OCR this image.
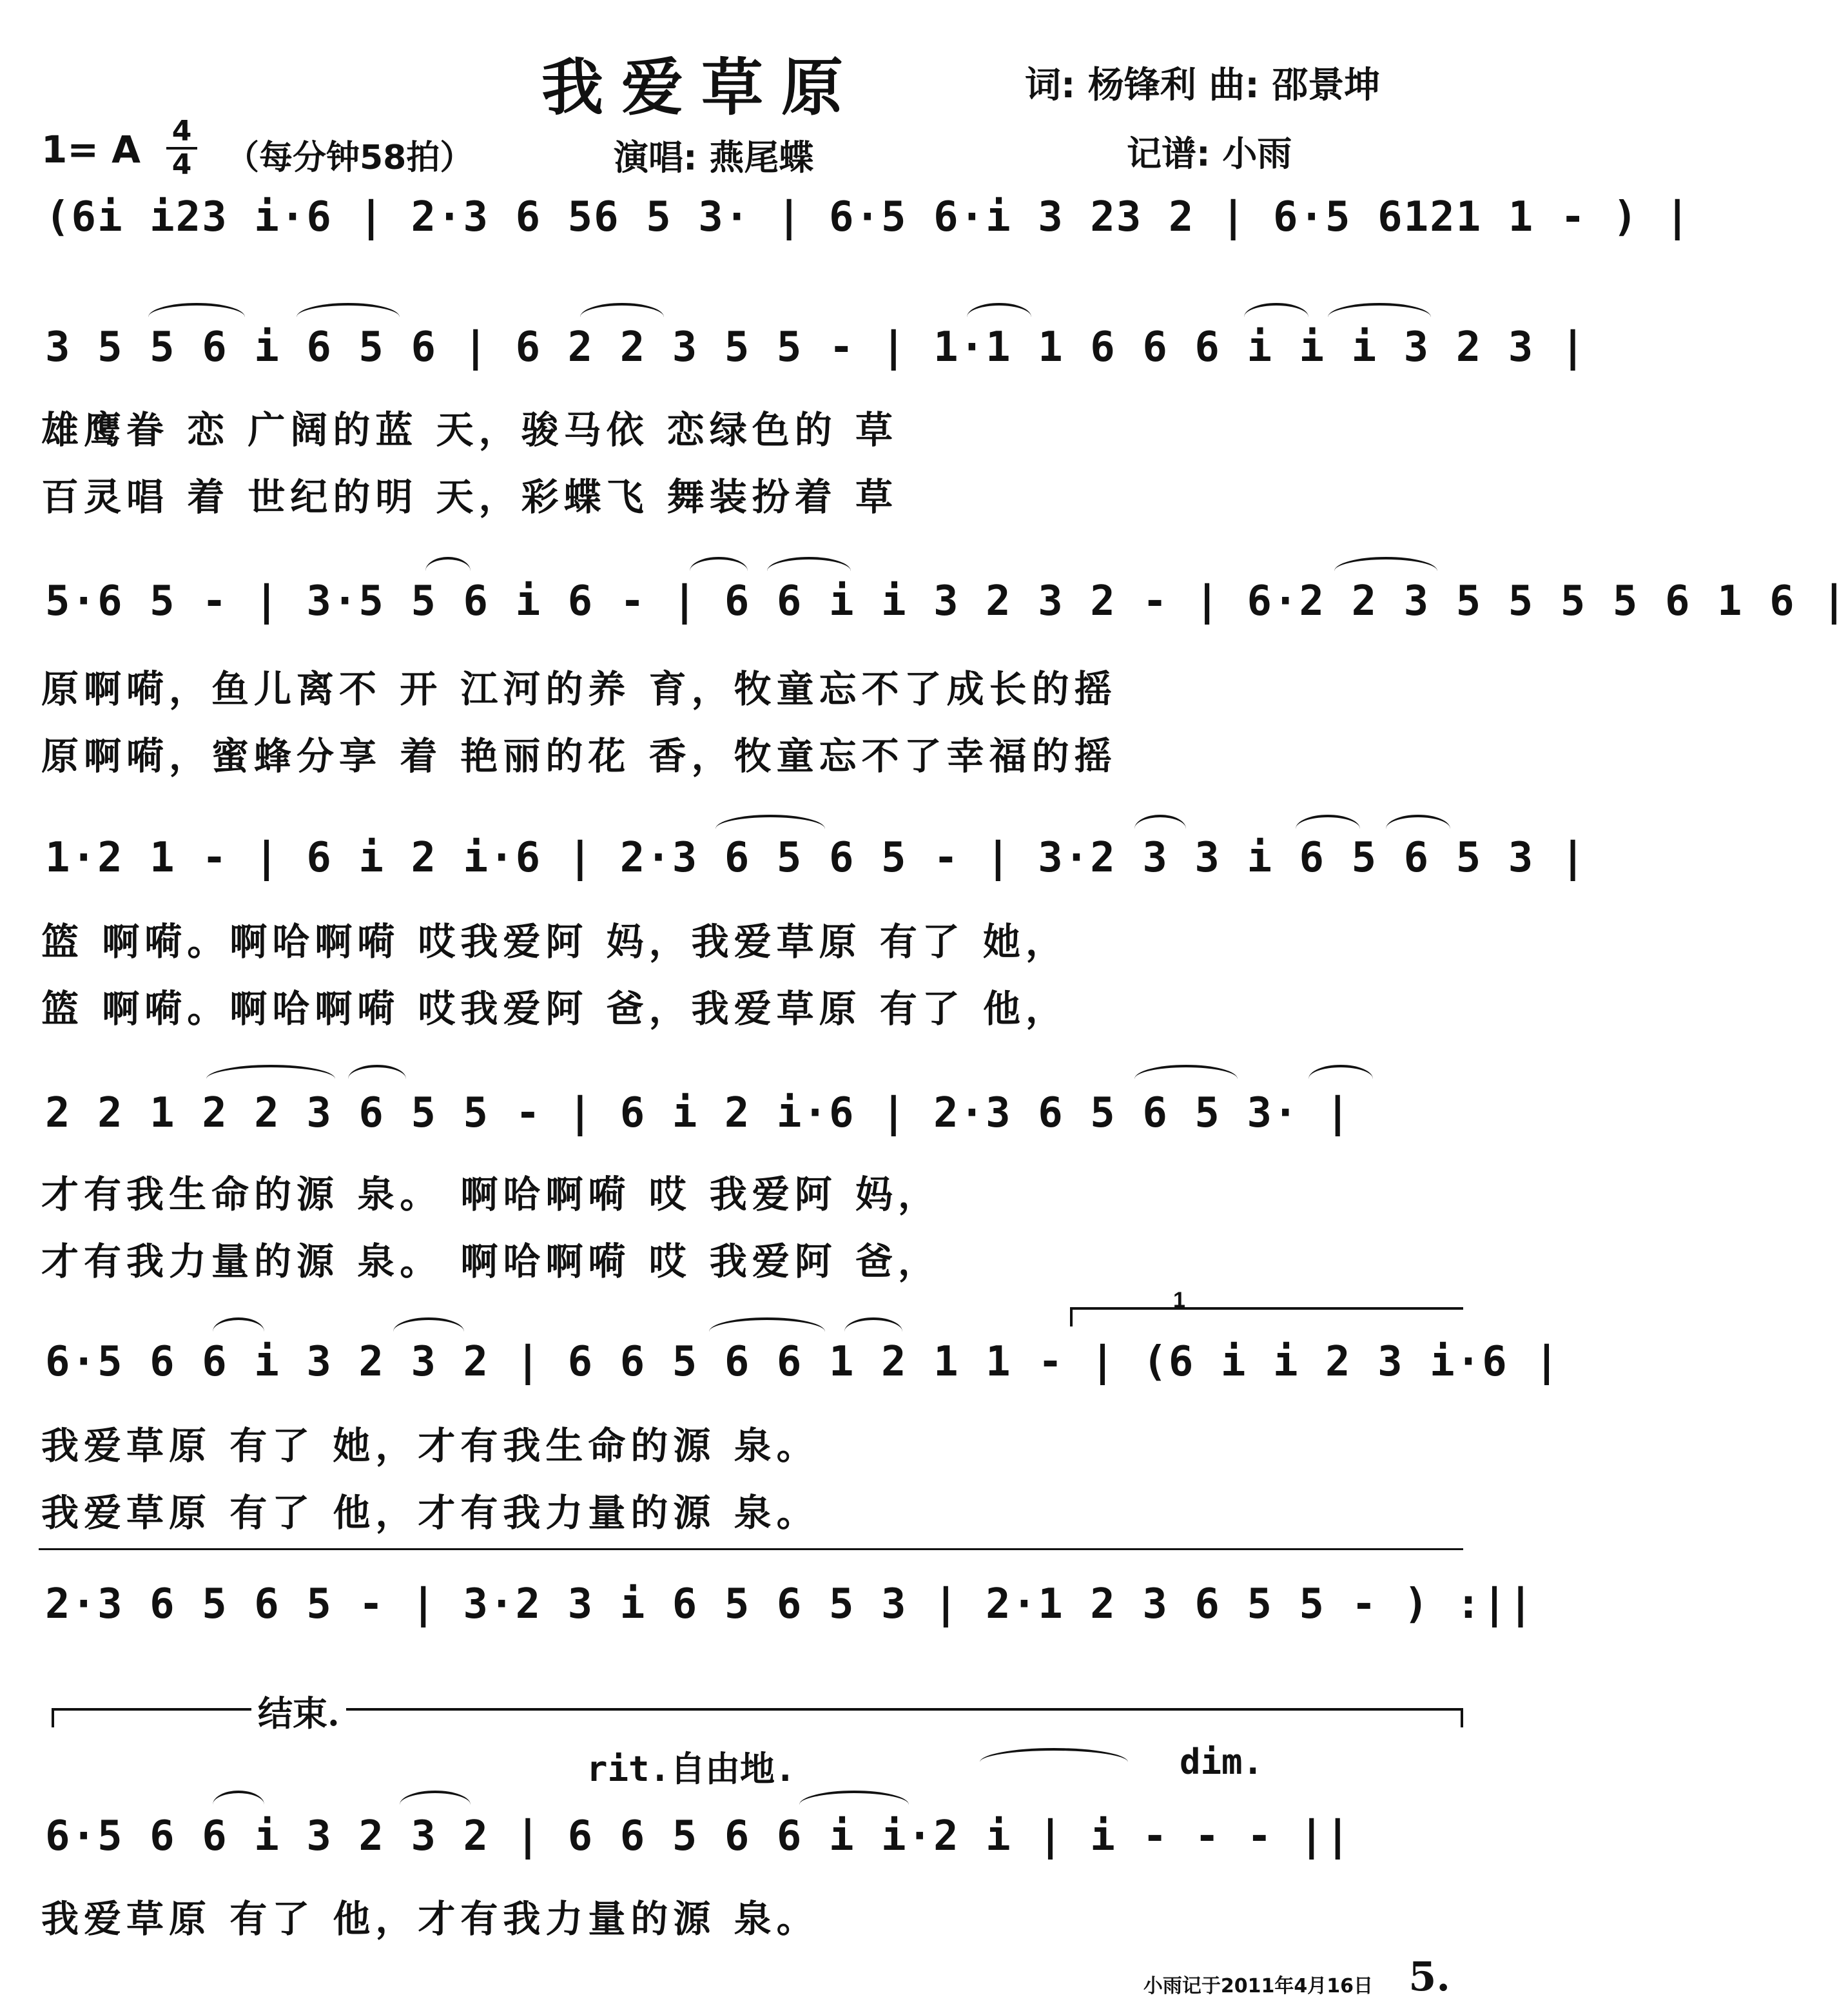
我爱草原	词: 杨锋利 曲: 邵景坤
1= A 4
4 （每分钟58拍）	演唱: 燕尾蝶	记谱: 小雨
(6i i23 i·6 | 2·3 6 56 5 3· | 6·5 6·i 3 23 2 | 6·5 6121 1 - ) |
3 5 5 6 i 6 5 6 | 6 2 2 3 5 5 - | 1·1 1 6 6 6 i i i 3 2 3 |
雄鹰眷 恋 广阔的蓝 天，骏马依 恋绿色的 草
百灵唱 着 世纪的明 天，彩蝶飞 舞装扮着 草
5·6 5 - | 3·5 5 6 i 6 - | 6 6 i i 3 2 3 2 - | 6·2 2 3 5 5 5 5 6 1 6 |
原啊嗬，鱼儿离不 开 江河的养 育，牧童忘不了成长的摇
原啊嗬，蜜蜂分享 着 艳丽的花 香，牧童忘不了幸福的摇
1·2 1 - | 6 i 2 i·6 | 2·3 6 5 6 5 - | 3·2 3 3 i 6 5 6 5 3 |
篮 啊嗬。啊哈啊嗬 哎我爱阿 妈，我爱草原 有了 她，
篮 啊嗬。啊哈啊嗬 哎我爱阿 爸，我爱草原 有了 他，
2 2 1 2 2 3 6 5 5 - | 6 i 2 i·6 | 2·3 6 5 6 5 3· |
才有我生命的源 泉。 啊哈啊嗬 哎 我爱阿 妈，
才有我力量的源 泉。 啊哈啊嗬 哎 我爱阿 爸，
1
6·5 6 6 i 3 2 3 2 | 6 6 5 6 6 1 2 1 1 - | (6 i i 2 3 i·6 |
我爱草原 有了 她，才有我生命的源 泉。
我爱草原 有了 他，才有我力量的源 泉。
2·3 6 5 6 5 - | 3·2 3 i 6 5 6 5 3 | 2·1 2 3 6 5 5 - ) :||
结束.
rit.自由地.	dim.
6·5 6 6 i 3 2 3 2 | 6 6 5 6 6 i i·2 i | i - - - ||
我爱草原 有了 他，才有我力量的源 泉。
小雨记于2011年4月16日 5.
